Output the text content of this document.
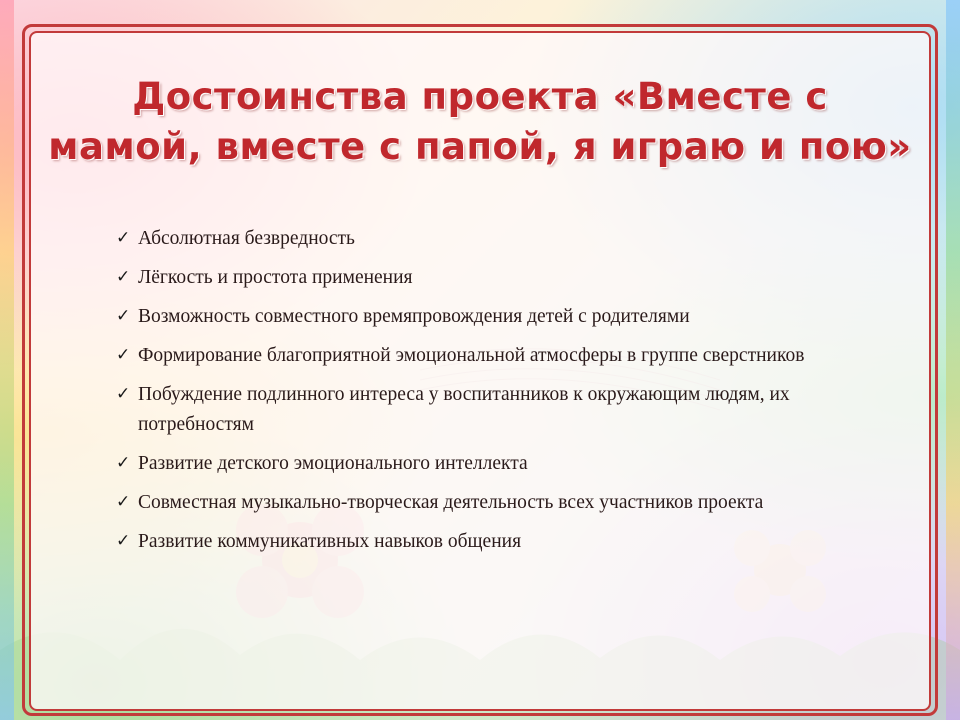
Достоинства проекта «Вместе с
мамой, вместе с папой, я играю и пою»
✓ Абсолютная безвредность
✓ Лёгкость и простота применения
✓ Возможность совместного времяпровождения детей с родителями
✓ Формирование благоприятной эмоциональной атмосферы в группе сверстников
✓ Побуждение подлинного интереса у воспитанников к окружающим людям, их потребностям
✓ Развитие детского эмоционального интеллекта
✓ Совместная музыкально-творческая деятельность всех участников проекта
✓ Развитие коммуникативных навыков общения
